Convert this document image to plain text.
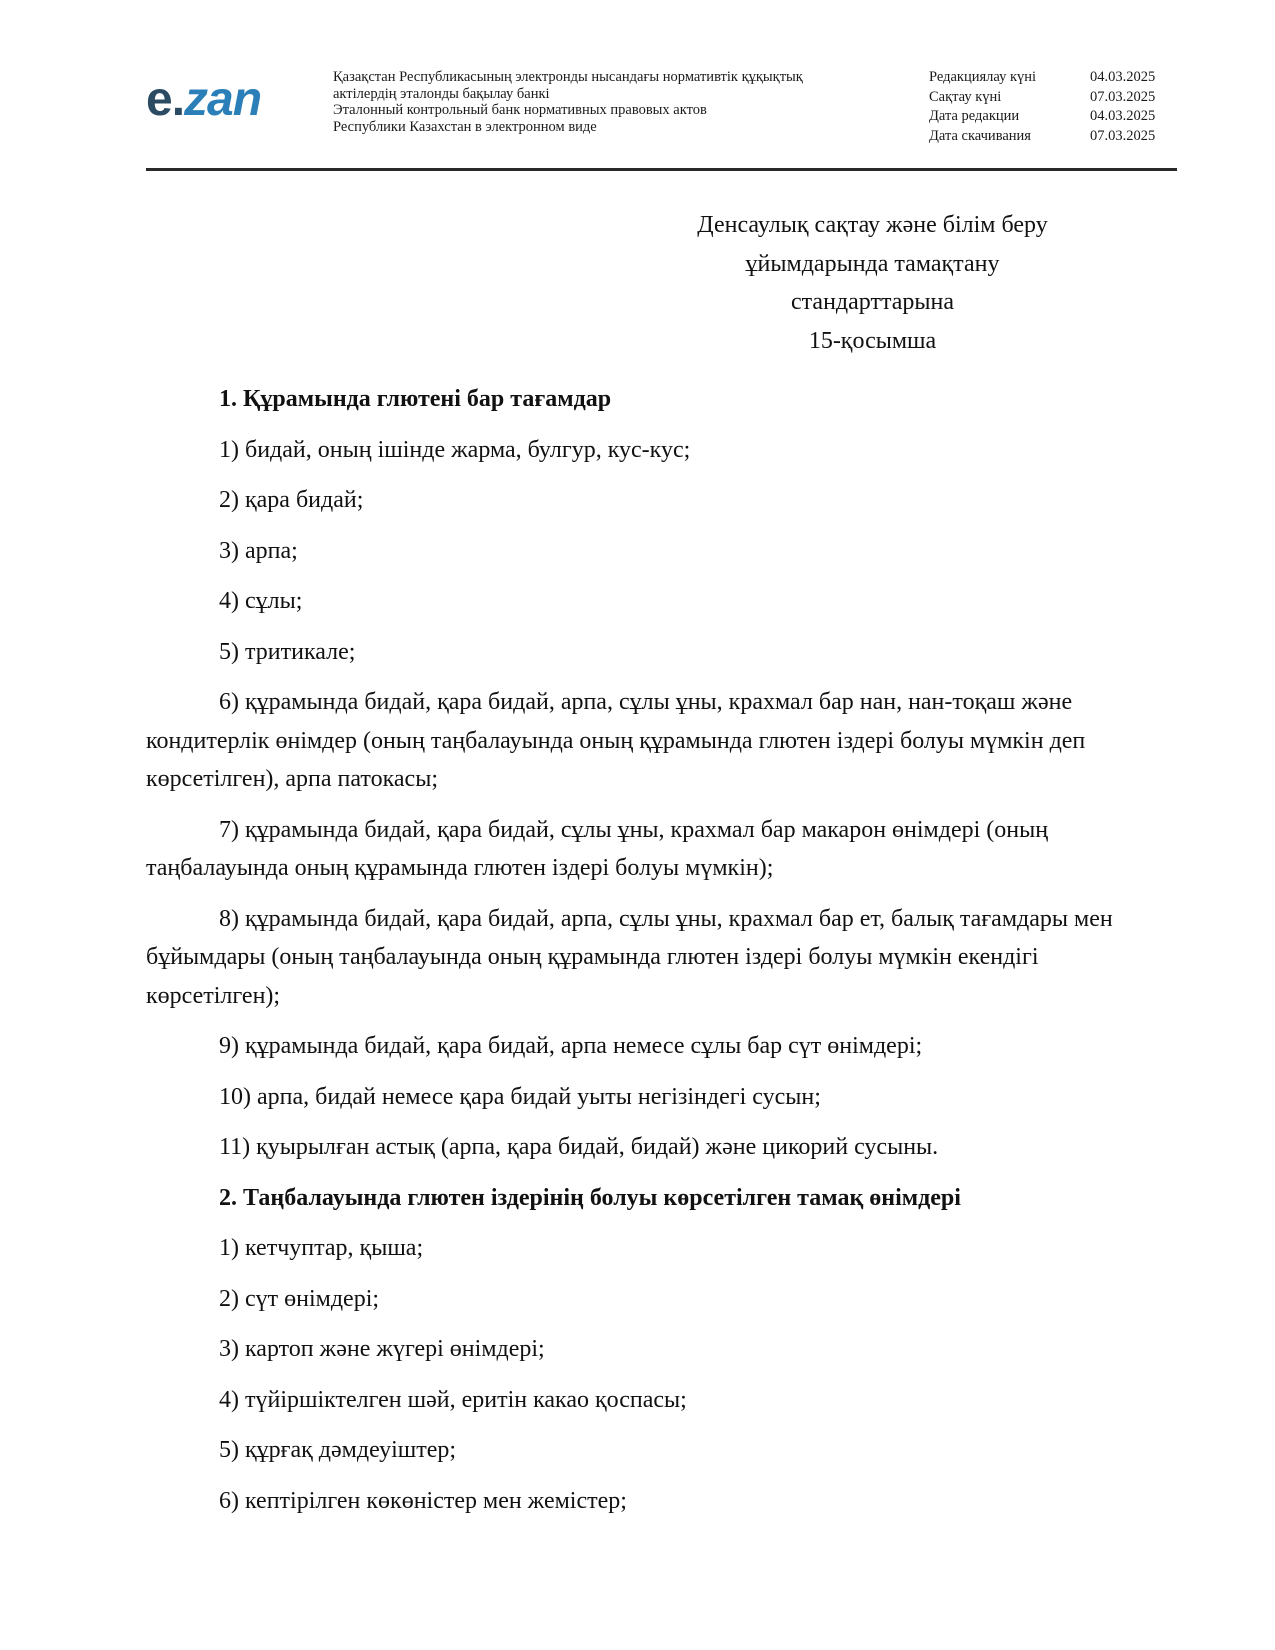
e.zan	Қазақстан Республикасының электронды нысандағы нормативтік құқықтық
актілердің эталонды бақылау банкі
Эталонный контрольный банк нормативных правовых актов
Республики Казахстан в электронном виде
Редакциялау күні	04.03.2025
Сақтау күні	07.03.2025
Дата редакции	04.03.2025
Дата скачивания	07.03.2025
Денсаулық сақтау және білім беру
ұйымдарында тамақтану
стандарттарына
15-қосымша

1. Құрамында глютені бар тағамдар

1) бидай, оның ішінде жарма, булгур, кус-кус;

2) қара бидай;

3) арпа;

4) сұлы;

5) тритикале;

6) құрамында бидай, қара бидай, арпа, сұлы ұны, крахмал бар нан, нан-тоқаш және кондитерлік өнімдер (оның таңбалауында оның құрамында глютен іздері болуы мүмкін деп көрсетілген), арпа патокасы;

7) құрамында бидай, қара бидай, сұлы ұны, крахмал бар макарон өнімдері (оның таңбалауында оның құрамында глютен іздері болуы мүмкін);

8) құрамында бидай, қара бидай, арпа, сұлы ұны, крахмал бар ет, балық тағамдары мен бұйымдары (оның таңбалауында оның құрамында глютен іздері болуы мүмкін екендігі көрсетілген);

9) құрамында бидай, қара бидай, арпа немесе сұлы бар сүт өнімдері;

10) арпа, бидай немесе қара бидай уыты негізіндегі сусын;

11) қуырылған астық (арпа, қара бидай, бидай) және цикорий сусыны.

2. Таңбалауында глютен іздерінің болуы көрсетілген тамақ өнімдері

1) кетчуптар, қыша;

2) сүт өнімдері;

3) картоп және жүгері өнімдері;

4) түйіршіктелген шәй, еритін какао қоспасы;

5) құрғақ дәмдеуіштер;

6) кептірілген көкөністер мен жемістер;
